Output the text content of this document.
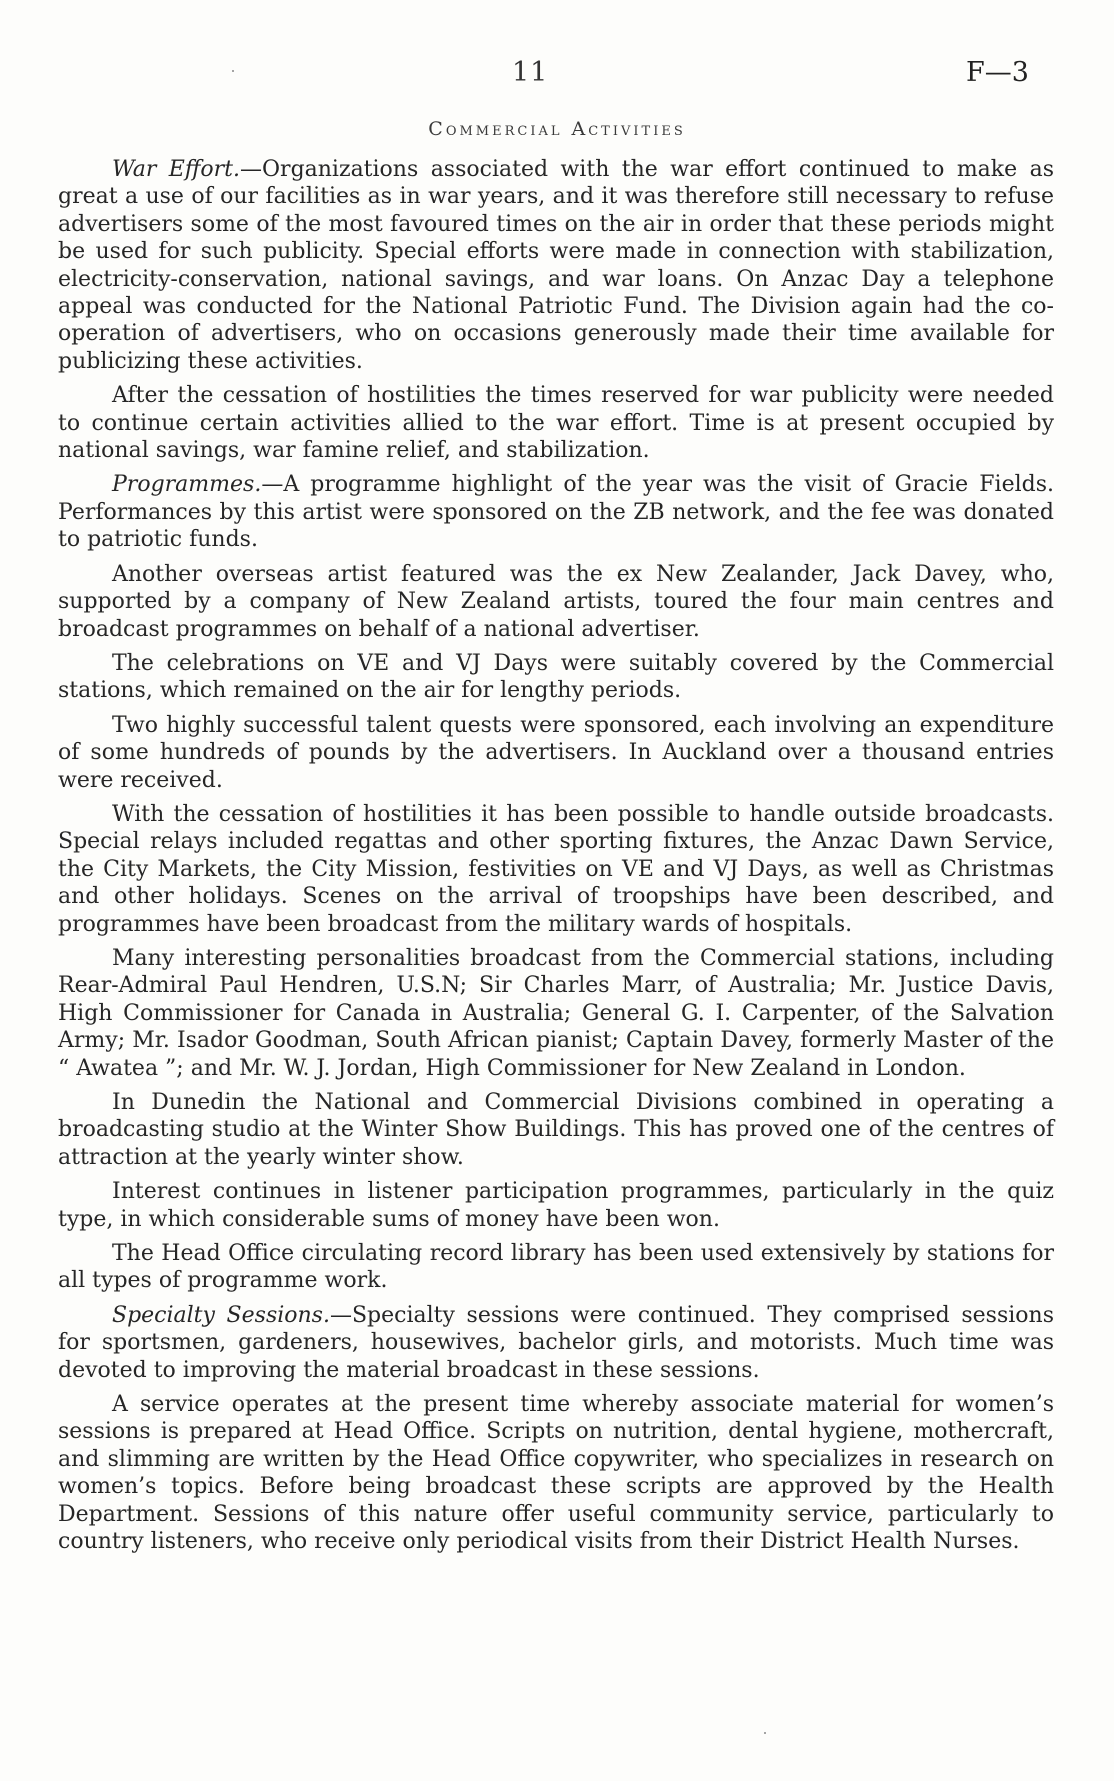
11	F—3
Commercial Activities

War Effort.—Organizations associated with the war effort continued to make as great a use of our facilities as in war years, and it was therefore still necessary to refuse advertisers some of the most favoured times on the air in order that these periods might be used for such publicity. Special efforts were made in connection with stabilization, electricity-conservation, national savings, and war loans. On Anzac Day a telephone appeal was conducted for the National Patriotic Fund. The Division again had the co-operation of advertisers, who on occasions generously made their time available for publicizing these activities.

After the cessation of hostilities the times reserved for war publicity were needed to continue certain activities allied to the war effort. Time is at present occupied by national savings, war famine relief, and stabilization.

Programmes.—A programme highlight of the year was the visit of Gracie Fields. Performances by this artist were sponsored on the ZB network, and the fee was donated to patriotic funds.

Another overseas artist featured was the ex New Zealander, Jack Davey, who, supported by a company of New Zealand artists, toured the four main centres and broadcast programmes on behalf of a national advertiser.

The celebrations on VE and VJ Days were suitably covered by the Commercial stations, which remained on the air for lengthy periods.

Two highly successful talent quests were sponsored, each involving an expenditure of some hundreds of pounds by the advertisers. In Auckland over a thousand entries were received.

With the cessation of hostilities it has been possible to handle outside broadcasts. Special relays included regattas and other sporting fixtures, the Anzac Dawn Service, the City Markets, the City Mission, festivities on VE and VJ Days, as well as Christmas and other holidays. Scenes on the arrival of troopships have been described, and programmes have been broadcast from the military wards of hospitals.

Many interesting personalities broadcast from the Commercial stations, including Rear-Admiral Paul Hendren, U.S.N; Sir Charles Marr, of Australia; Mr. Justice Davis, High Commissioner for Canada in Australia; General G. I. Carpenter, of the Salvation Army; Mr. Isador Goodman, South African pianist; Captain Davey, formerly Master of the “ Awatea ”; and Mr. W. J. Jordan, High Commissioner for New Zealand in London.

In Dunedin the National and Commercial Divisions combined in operating a broadcasting studio at the Winter Show Buildings. This has proved one of the centres of attraction at the yearly winter show.

Interest continues in listener participation programmes, particularly in the quiz type, in which considerable sums of money have been won.

The Head Office circulating record library has been used extensively by stations for all types of programme work.

Specialty Sessions.—Specialty sessions were continued. They comprised sessions for sportsmen, gardeners, housewives, bachelor girls, and motorists. Much time was devoted to improving the material broadcast in these sessions.

A service operates at the present time whereby associate material for women’s sessions is prepared at Head Office. Scripts on nutrition, dental hygiene, mothercraft, and slimming are written by the Head Office copywriter, who specializes in research on women’s topics. Before being broadcast these scripts are approved by the Health Department. Sessions of this nature offer useful community service, particularly to country listeners, who receive only periodical visits from their District Health Nurses.
